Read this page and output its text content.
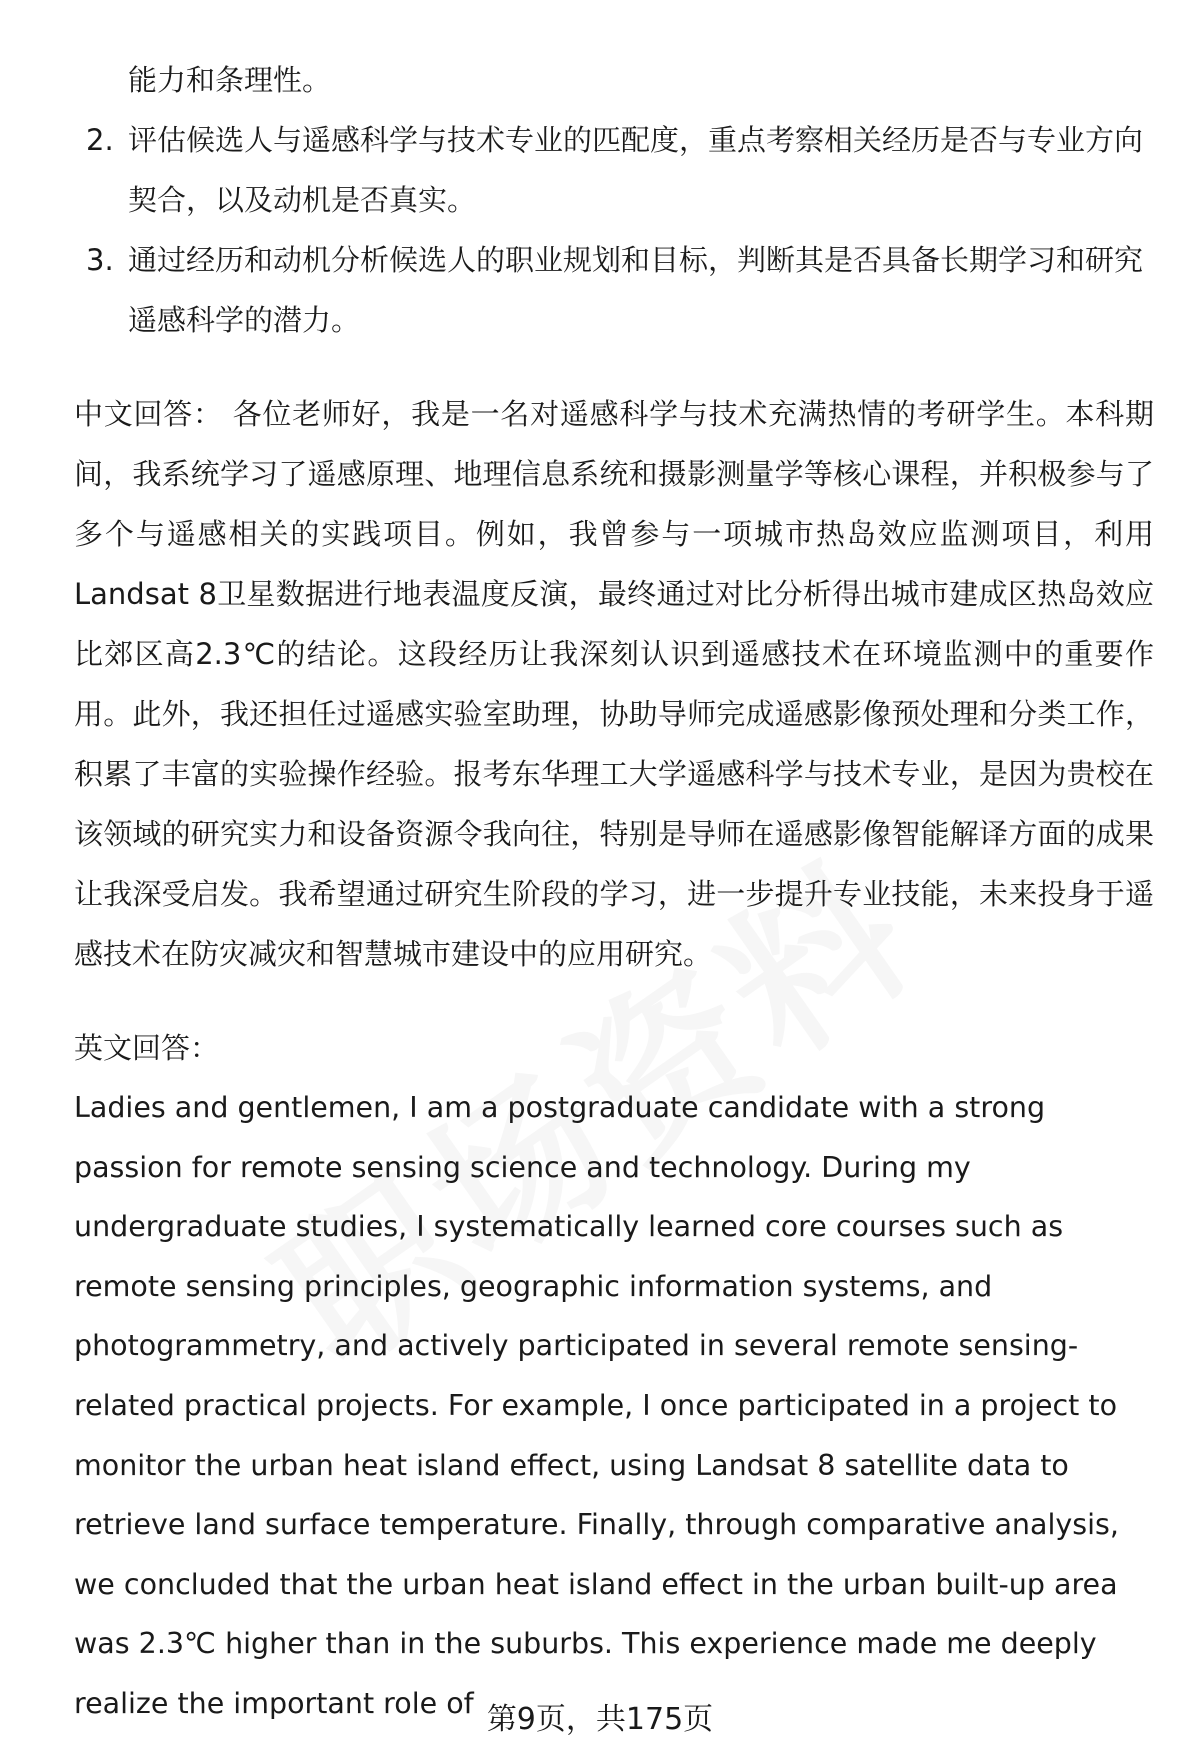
能力和条理性。
2. 评估候选人与遥感科学与技术专业的匹配度，重点考察相关经历是否与专业方向契合，以及动机是否真实。
3. 通过经历和动机分析候选人的职业规划和目标，判断其是否具备长期学习和研究遥感科学的潜力。
中文回答： 各位老师好，我是一名对遥感科学与技术充满热情的考研学生。本科期间，我系统学习了遥感原理、地理信息系统和摄影测量学等核心课程，并积极参与了多个与遥感相关的实践项目。例如，我曾参与一项城市热岛效应监测项目，利用Landsat 8卫星数据进行地表温度反演，最终通过对比分析得出城市建成区热岛效应比郊区高2.3℃的结论。这段经历让我深刻认识到遥感技术在环境监测中的重要作用。此外，我还担任过遥感实验室助理，协助导师完成遥感影像预处理和分类工作，积累了丰富的实验操作经验。报考东华理工大学遥感科学与技术专业，是因为贵校在该领域的研究实力和设备资源令我向往，特别是导师在遥感影像智能解译方面的成果让我深受启发。我希望通过研究生阶段的学习，进一步提升专业技能，未来投身于遥感技术在防灾减灾和智慧城市建设中的应用研究。
英文回答：
Ladies and gentlemen, I am a postgraduate candidate with a strong passion for remote sensing science and technology. During my undergraduate studies, I systematically learned core courses such as remote sensing principles, geographic information systems, and photogrammetry, and actively participated in several remote sensing-related practical projects. For example, I once participated in a project to monitor the urban heat island effect, using Landsat 8 satellite data to retrieve land surface temperature. Finally, through comparative analysis, we concluded that the urban heat island effect in the urban built-up area was 2.3℃ higher than in the suburbs. This experience made me deeply realize the important role of 第9页，共175页
